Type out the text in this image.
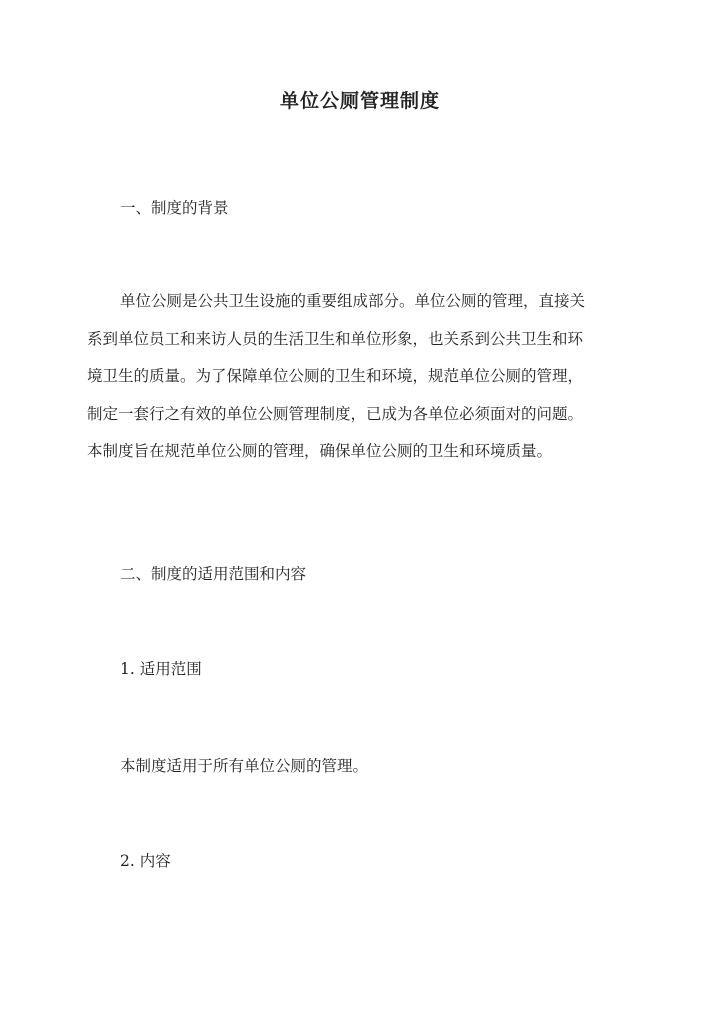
单位公厕管理制度
一、制度的背景
单位公厕是公共卫生设施的重要组成部分。单位公厕的管理，直接关
系到单位员工和来访人员的生活卫生和单位形象，也关系到公共卫生和环
境卫生的质量。为了保障单位公厕的卫生和环境，规范单位公厕的管理，
制定一套行之有效的单位公厕管理制度，已成为各单位必须面对的问题。
本制度旨在规范单位公厕的管理，确保单位公厕的卫生和环境质量。
二、制度的适用范围和内容
1. 适用范围
本制度适用于所有单位公厕的管理。
2. 内容
